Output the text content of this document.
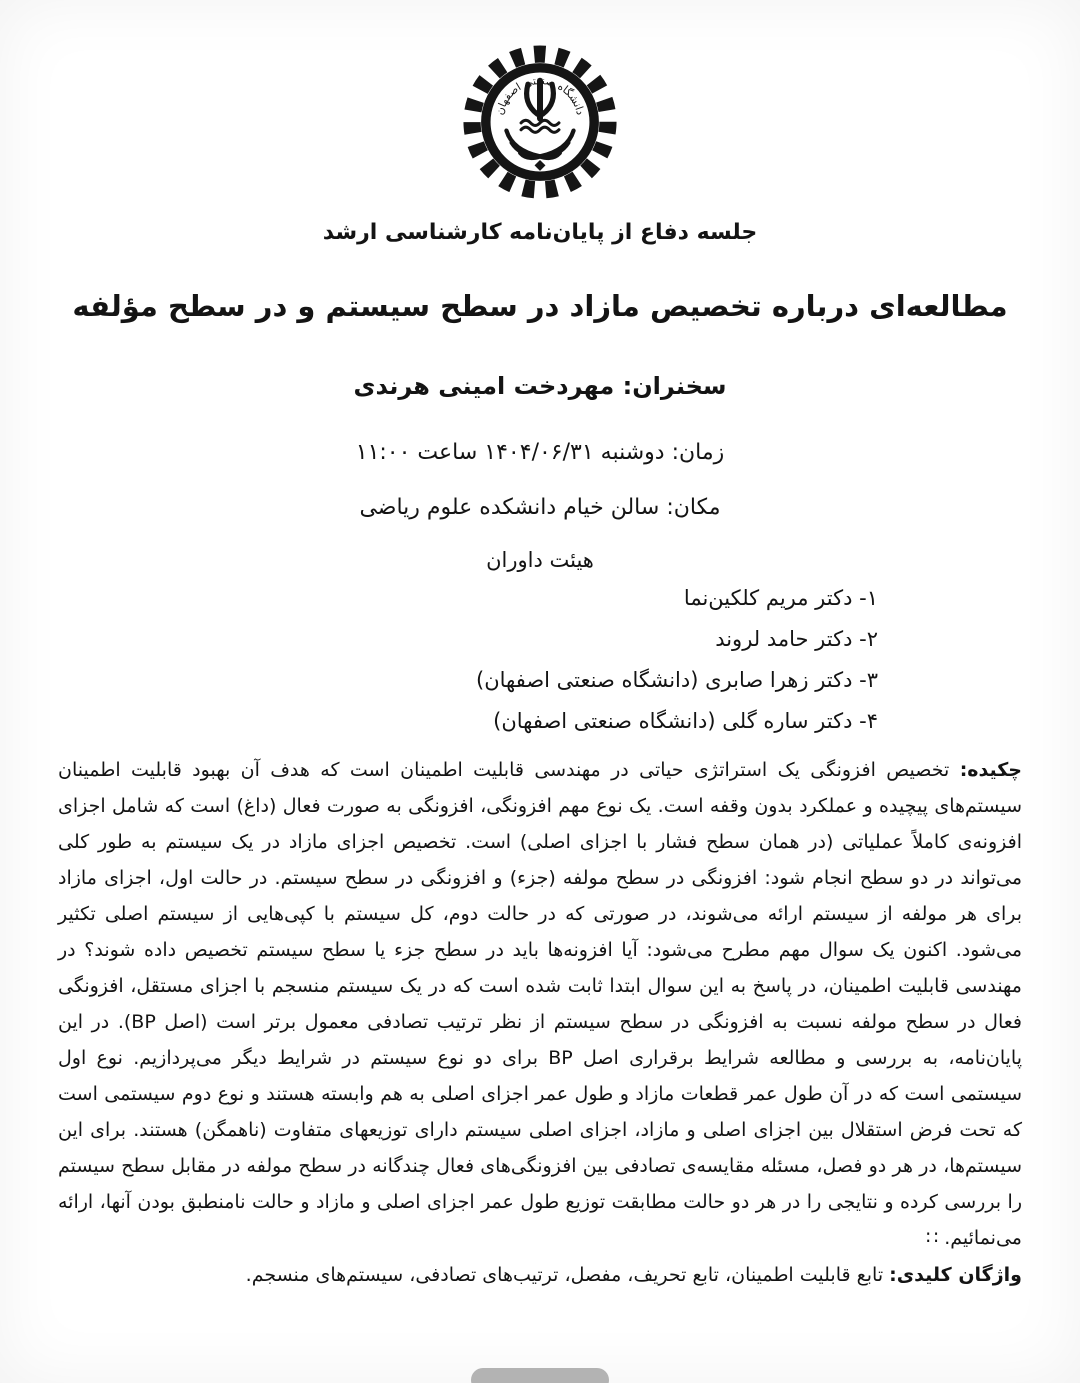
دانشگاه صنعتی اصفهان
جلسه دفاع از پایان‌نامه کارشناسی ارشد
مطالعه‌ای درباره تخصیص مازاد در سطح سیستم و در سطح مؤلفه
سخنران: مهردخت امینی هرندی
زمان: دوشنبه ۱۴۰۴/۰۶/۳۱ ساعت ۱۱:۰۰
مکان: سالن خیام دانشکده علوم ریاضی
هیئت داوران
۱- دکتر مریم کلکین‌نما
۲- دکتر حامد لروند
۳- دکتر زهرا صابری (دانشگاه صنعتی اصفهان)
۴- دکتر ساره گلی (دانشگاه صنعتی اصفهان)

چکیده: تخصیص افزونگی یک استراتژی حیاتی در مهندسی قابلیت اطمینان است که هدف آن بهبود قابلیت اطمینان سیستم‌های پیچیده و عملکرد بدون وقفه است. یک نوع مهم افزونگی، افزونگی به صورت فعال (داغ) است که شامل اجزای افزونه‌ی کاملاً عملیاتی (در همان سطح فشار با اجزای اصلی) است. تخصیص اجزای مازاد در یک سیستم به طور کلی می‌تواند در دو سطح انجام شود: افزونگی در سطح مولفه (جزء) و افزونگی در سطح سیستم. در حالت اول، اجزای مازاد برای هر مولفه از سیستم ارائه می‌شوند، در صورتی که در حالت دوم، کل سیستم با کپی‌هایی از سیستم اصلی تکثیر می‌شود. اکنون یک سوال مهم مطرح می‌شود: آیا افزونه‌ها باید در سطح جزء یا سطح سیستم تخصیص داده شوند؟ در مهندسی قابلیت اطمینان، در پاسخ به این سوال ابتدا ثابت شده است که در یک سیستم منسجم با اجزای مستقل، افزونگی فعال در سطح مولفه نسبت به افزونگی در سطح سیستم از نظر ترتیب تصادفی معمول برتر است (اصل BP). در این پایان‌نامه، به بررسی و مطالعه شرایط برقراری اصل BP برای دو نوع سیستم در شرایط دیگر می‌پردازیم. نوع اول سیستمی است که در آن طول عمر قطعات مازاد و طول عمر اجزای اصلی به هم وابسته هستند و نوع دوم سیستمی است که تحت فرض استقلال بین اجزای اصلی و مازاد، اجزای اصلی سیستم دارای توزیعهای متفاوت (ناهمگن) هستند. برای این سیستم‌ها، در هر دو فصل، مسئله مقایسه‌ی تصادفی بین افزونگی‌های فعال چندگانه در سطح مولفه در مقابل سطح سیستم را بررسی کرده و نتایجی را در هر دو حالت مطابقت توزیع طول عمر اجزای اصلی و مازاد و حالت نامنطبق بودن آنها، ارائه می‌نمائیم. ∷

واژگان کلیدی: تابع قابلیت اطمینان، تابع تحریف، مفصل، ترتیب‌های تصادفی، سیستم‌های منسجم.
